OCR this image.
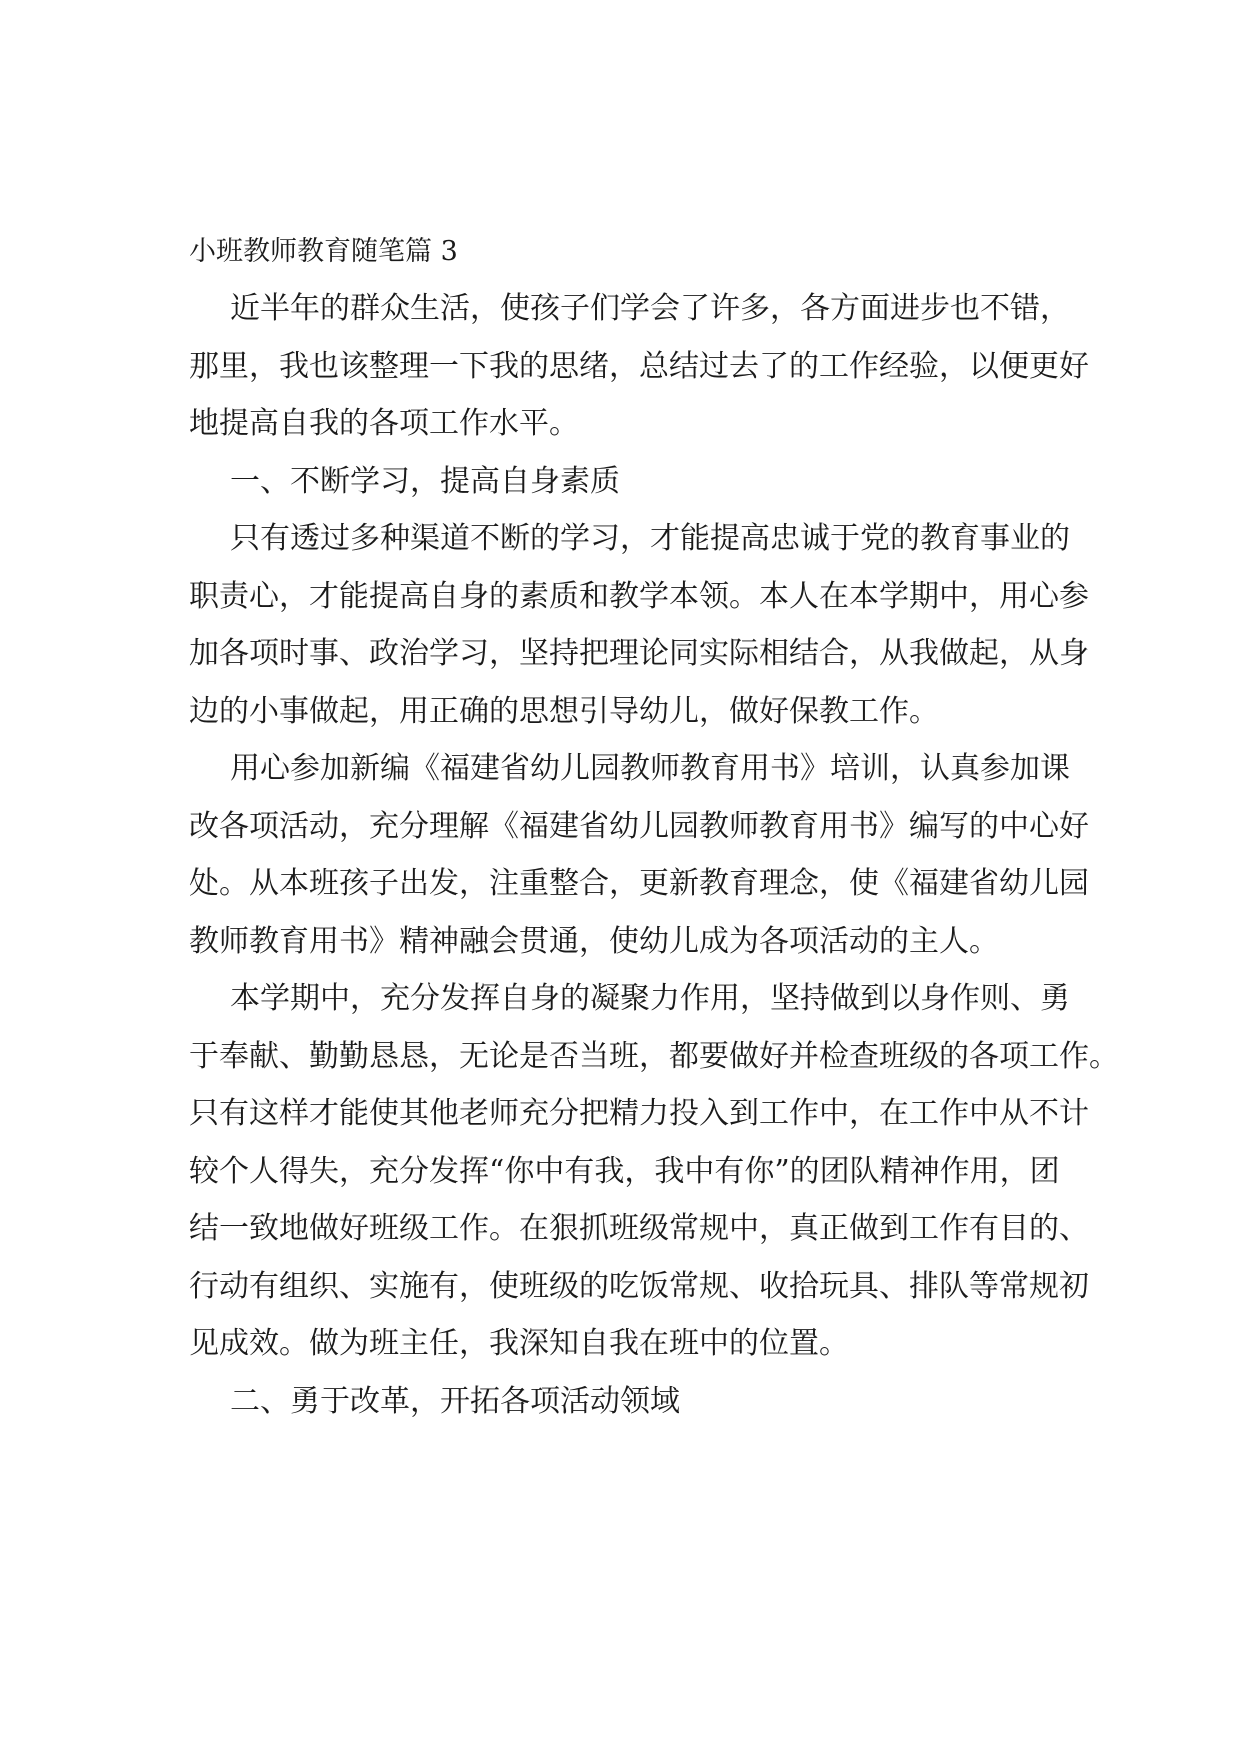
小班教师教育随笔篇 3

近半年的群众生活，使孩子们学会了许多，各方面进步也不错，

那里，我也该整理一下我的思绪，总结过去了的工作经验，以便更好

地提高自我的各项工作水平。

一、不断学习，提高自身素质

只有透过多种渠道不断的学习，才能提高忠诚于党的教育事业的

职责心，才能提高自身的素质和教学本领。本人在本学期中，用心参

加各项时事、政治学习，坚持把理论同实际相结合，从我做起，从身

边的小事做起，用正确的思想引导幼儿，做好保教工作。

用心参加新编《福建省幼儿园教师教育用书》培训，认真参加课

改各项活动，充分理解《福建省幼儿园教师教育用书》编写的中心好

处。从本班孩子出发，注重整合，更新教育理念，使《福建省幼儿园

教师教育用书》精神融会贯通，使幼儿成为各项活动的主人。

本学期中，充分发挥自身的凝聚力作用，坚持做到以身作则、勇

于奉献、勤勤恳恳，无论是否当班，都要做好并检查班级的各项工作。

只有这样才能使其他老师充分把精力投入到工作中，在工作中从不计

较个人得失，充分发挥“你中有我，我中有你”的团队精神作用，团

结一致地做好班级工作。在狠抓班级常规中，真正做到工作有目的、

行动有组织、实施有，使班级的吃饭常规、收拾玩具、排队等常规初

见成效。做为班主任，我深知自我在班中的位置。

二、勇于改革，开拓各项活动领域
